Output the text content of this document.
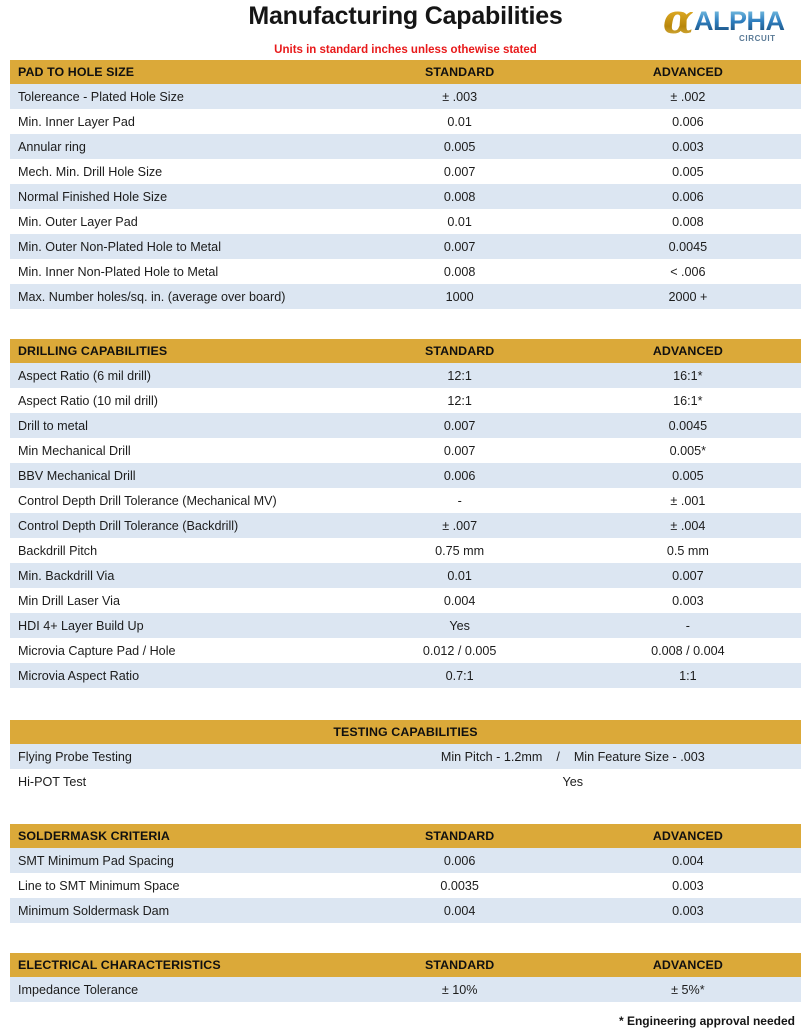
Manufacturing Capabilities
Units in standard inches unless othewise stated
α ALPHA
CIRCUIT
PAD TO HOLE SIZE	STANDARD	ADVANCED
Tolereance - Plated Hole Size	± .003	± .002
Min. Inner Layer Pad	0.01	0.006
Annular ring	0.005	0.003
Mech. Min. Drill Hole Size	0.007	0.005
Normal Finished Hole Size	0.008	0.006
Min. Outer Layer Pad	0.01	0.008
Min. Outer Non-Plated Hole to Metal	0.007	0.0045
Min. Inner Non-Plated Hole to Metal	0.008	< .006
Max. Number holes/sq. in. (average over board)	1000	2000 +
DRILLING CAPABILITIES	STANDARD	ADVANCED
Aspect Ratio (6 mil drill)	12:1	16:1*
Aspect Ratio (10 mil drill)	12:1	16:1*
Drill to metal	0.007	0.0045
Min Mechanical Drill	0.007	0.005*
BBV Mechanical Drill	0.006	0.005
Control Depth Drill Tolerance (Mechanical MV)	-	± .001
Control Depth Drill Tolerance (Backdrill)	± .007	± .004
Backdrill Pitch	0.75 mm	0.5 mm
Min. Backdrill Via	0.01	0.007
Min Drill Laser Via	0.004	0.003
HDI 4+ Layer Build Up	Yes	-
Microvia Capture Pad / Hole	0.012 / 0.005	0.008 / 0.004
Microvia Aspect Ratio	0.7:1	1:1
TESTING CAPABILITIES	
Flying Probe Testing	Min Pitch - 1.2mm    /    Min Feature Size - .003
Hi-POT Test	Yes
SOLDERMASK CRITERIA	STANDARD	ADVANCED
SMT Minimum Pad Spacing	0.006	0.004
Line to SMT Minimum Space	0.0035	0.003
Minimum Soldermask Dam	0.004	0.003
ELECTRICAL CHARACTERISTICS	STANDARD	ADVANCED
Impedance Tolerance	± 10%	± 5%*
* Engineering approval needed
